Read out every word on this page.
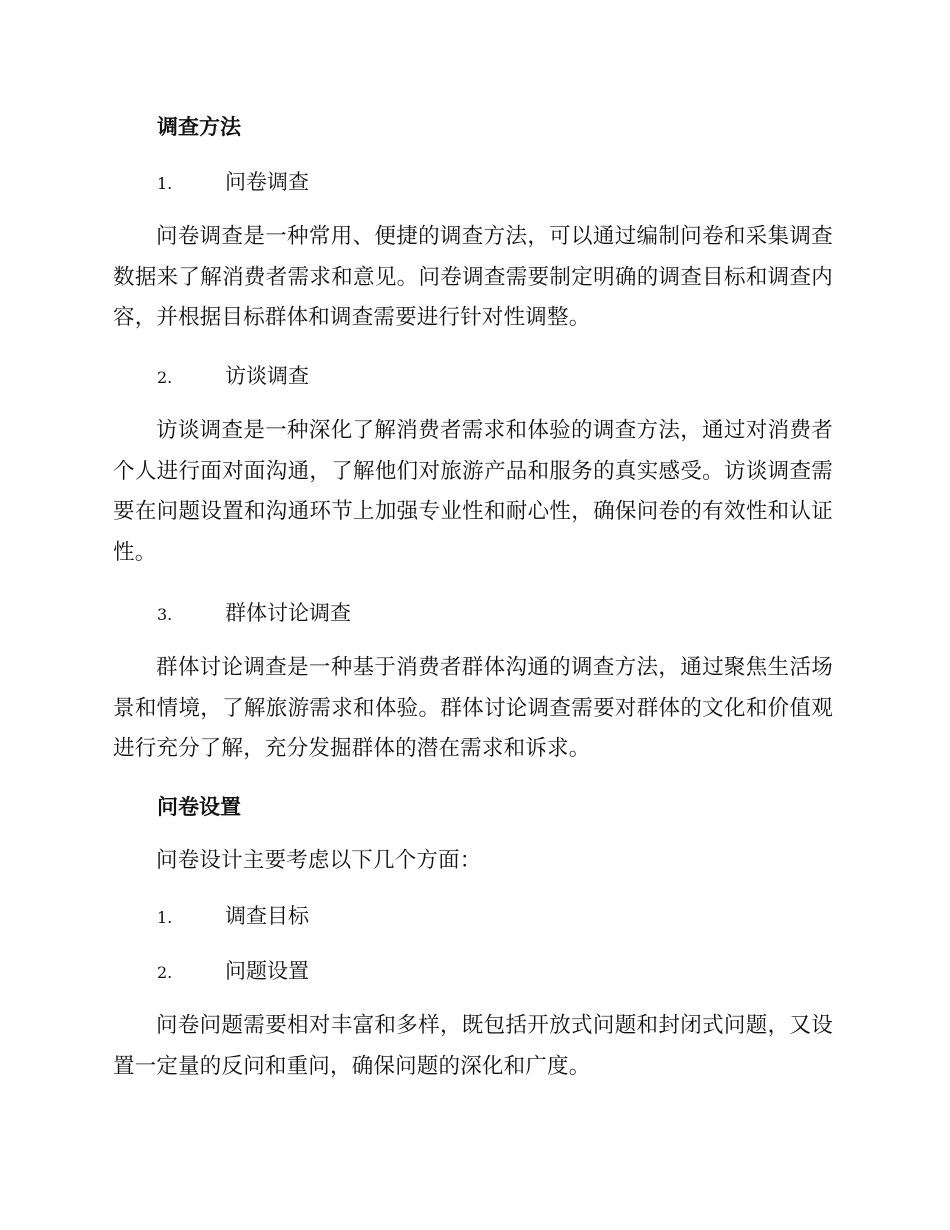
调查方法
1.	问卷调查

问卷调查是一种常用、便捷的调查方法，可以通过编制问卷和采集调查数据来了解消费者需求和意见。问卷调查需要制定明确的调查目标和调查内容，并根据目标群体和调查需要进行针对性调整。

2.	访谈调查

访谈调查是一种深化了解消费者需求和体验的调查方法，通过对消费者个人进行面对面沟通，了解他们对旅游产品和服务的真实感受。访谈调查需要在问题设置和沟通环节上加强专业性和耐心性，确保问卷的有效性和认证性。

3.	群体讨论调查

群体讨论调查是一种基于消费者群体沟通的调查方法，通过聚焦生活场景和情境，了解旅游需求和体验。群体讨论调查需要对群体的文化和价值观进行充分了解，充分发掘群体的潜在需求和诉求。

问卷设置

问卷设计主要考虑以下几个方面：

1.	调查目标
2.	问题设置

问卷问题需要相对丰富和多样，既包括开放式问题和封闭式问题，又设置一定量的反问和重问，确保问题的深化和广度。
